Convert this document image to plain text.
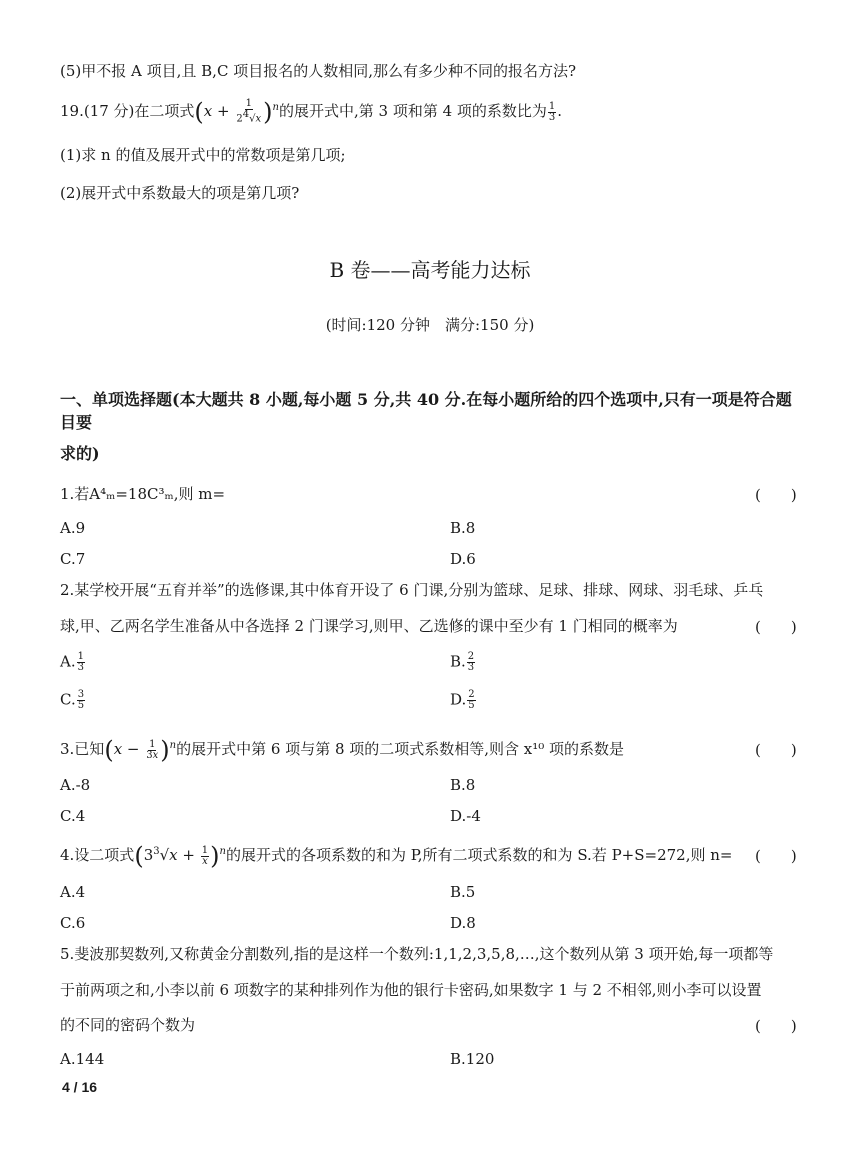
(5)甲不报 A 项目,且 B,C 项目报名的人数相同,那么有多少种不同的报名方法?
19.(17 分)在二项式$(x + \frac{1}{2^4√x} )^n$的展开式中,第 3 项和第 4 项的系数比为 $\frac{1}{3}$ .
(1)求 n 的值及展开式中的常数项是第几项;
(2)展开式中系数最大的项是第几项?
B 卷——高考能力达标
(时间:120 分钟　满分:150 分)
一、单项选择题(本大题共 8 小题,每小题 5 分,共 40 分.在每小题所给的四个选项中,只有一项是符合题目要
求的)
1.若A⁴ₘ=18C³ₘ,则 m=	(　　)
A.9	B.8
C.7	D.6
2.某学校开展“五育并举”的选修课,其中体育开设了 6 门课,分别为篮球、足球、排球、网球、羽毛球、乒乓
球,甲、乙两名学生准备从中各选择 2 门课学习,则甲、乙选修的课中至少有 1 门相同的概率为	(　　)
A. $\frac{1}{3}$	B. $\frac{2}{3}$
C. $\frac{3}{5}$	D. $\frac{2}{5}$
3.已知$(x - \frac{1}{3x} )^n$的展开式中第 6 项与第 8 项的二项式系数相等,则含 x¹⁰ 项的系数是	(　　)
A.-8	B.8
C.4	D.-4
4.设二项式$(3^3√x + \frac{1}{x} )^n$的展开式的各项系数的和为 P,所有二项式系数的和为 S.若 P+S=272,则 n= (　　)
A.4	B.5
C.6	D.8
5.斐波那契数列,又称黄金分割数列,指的是这样一个数列:1,1,2,3,5,8,…,这个数列从第 3 项开始,每一项都等
于前两项之和,小李以前 6 项数字的某种排列作为他的银行卡密码,如果数字 1 与 2 不相邻,则小李可以设置
的不同的密码个数为	(　　)
A.144	B.120
4 / 16
